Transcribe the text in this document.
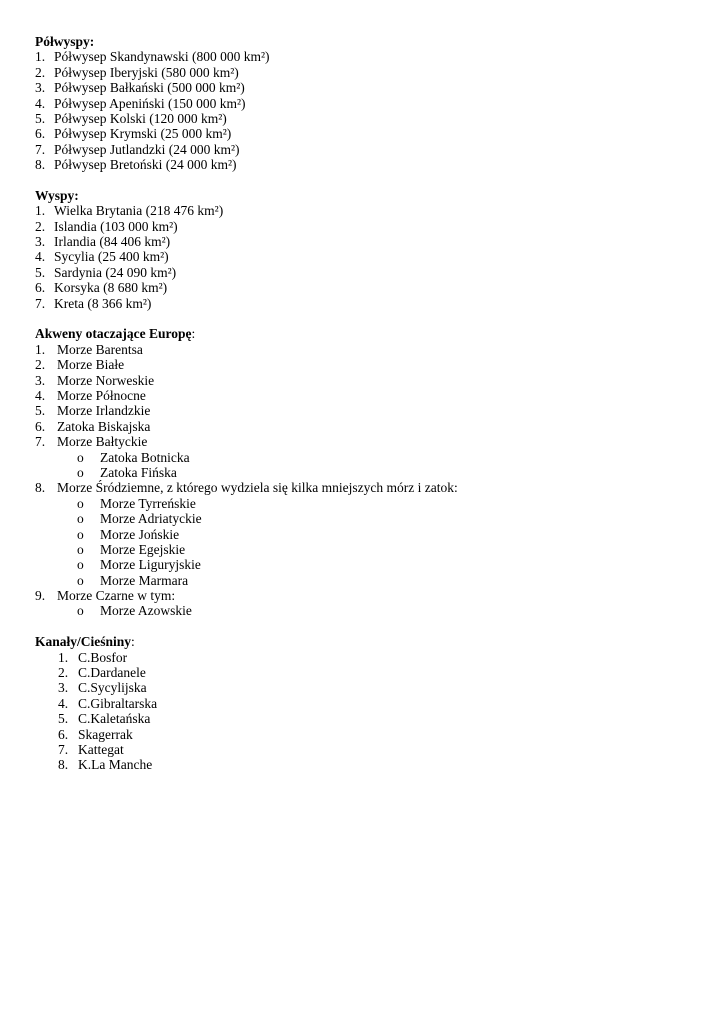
Półwyspy:
1. Półwysep Skandynawski (800 000 km²)
2. Półwysep Iberyjski (580 000 km²)
3. Półwysep Bałkański (500 000 km²)
4. Półwysep Apeniński (150 000 km²)
5. Półwysep Kolski (120 000 km²)
6. Półwysep Krymski (25 000 km²)
7. Półwysep Jutlandzki (24 000 km²)
8. Półwysep Bretoński (24 000 km²)
Wyspy:
1. Wielka Brytania (218 476 km²)
2. Islandia (103 000 km²)
3. Irlandia (84 406 km²)
4. Sycylia (25 400 km²)
5. Sardynia (24 090 km²)
6. Korsyka (8 680 km²)
7. Kreta (8 366 km²)
Akweny otaczające Europę:
1. Morze Barentsa
2. Morze Białe
3. Morze Norweskie
4. Morze Północne
5. Morze Irlandzkie
6. Zatoka Biskajska
7. Morze Bałtyckie
o Zatoka Botnicka
o Zatoka Fińska
8. Morze Śródziemne, z którego wydziela się kilka mniejszych mórz i zatok:
o Morze Tyrreńskie
o Morze Adriatyckie
o Morze Jońskie
o Morze Egejskie
o Morze Liguryjskie
o Morze Marmara
9. Morze Czarne w tym:
o Morze Azowskie
Kanały/Cieśniny:
1. C.Bosfor
2. C.Dardanele
3. C.Sycylijska
4. C.Gibraltarska
5. C.Kaletańska
6. Skagerrak
7. Kattegat
8. K.La Manche
